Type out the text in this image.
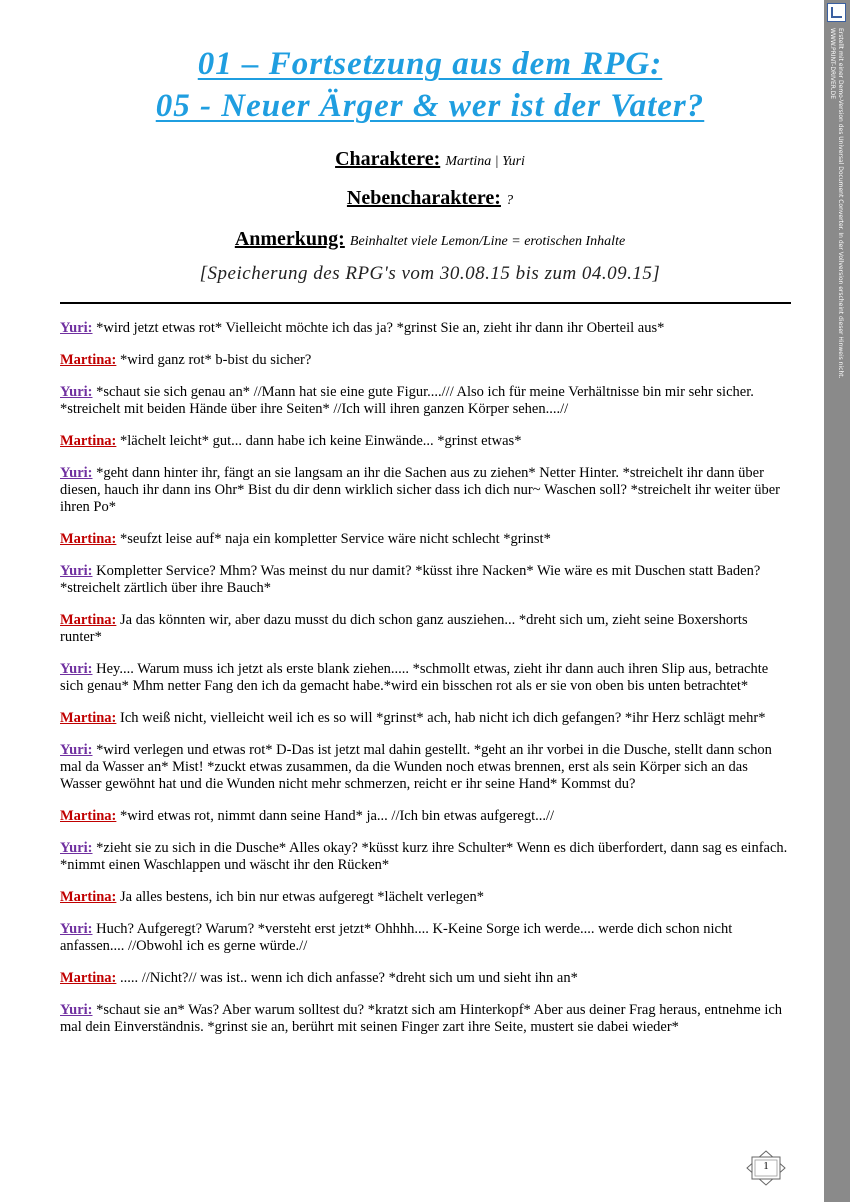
Erstellt mit einer Demo-Version des Universal Document Converter. In der Vollversion erscheint dieser Hinweis nicht.
WWW.PRINT-DRIVER.DE
01 – Fortsetzung aus dem RPG:
05 - Neuer Ärger & wer ist der Vater?
Charaktere: Martina | Yuri
Nebencharaktere: ?
Anmerkung: Beinhaltet viele Lemon/Line = erotischen Inhalte
[Speicherung des RPG's vom 30.08.15 bis zum 04.09.15]

Yuri: *wird jetzt etwas rot* Vielleicht möchte ich das ja? *grinst Sie an, zieht ihr dann ihr Oberteil aus*

Martina: *wird ganz rot* b-bist du sicher?

Yuri: *schaut sie sich genau an* //Mann hat sie eine gute Figur..../// Also ich für meine Verhältnisse bin mir sehr sicher. *streichelt mit beiden Hände über ihre Seiten* //Ich will ihren ganzen Körper sehen....//

Martina: *lächelt leicht* gut... dann habe ich keine Einwände... *grinst etwas*

Yuri: *geht dann hinter ihr, fängt an sie langsam an ihr die Sachen aus zu ziehen* Netter Hinter. *streichelt ihr dann über diesen, hauch ihr dann ins Ohr* Bist du dir denn wirklich sicher dass ich dich nur~ Waschen soll? *streichelt ihr weiter über ihren Po*

Martina: *seufzt leise auf* naja ein kompletter Service wäre nicht schlecht *grinst*

Yuri: Kompletter Service? Mhm? Was meinst du nur damit? *küsst ihre Nacken* Wie wäre es mit Duschen statt Baden? *streichelt zärtlich über ihre Bauch*

Martina: Ja das könnten wir, aber dazu musst du dich schon ganz ausziehen... *dreht sich um, zieht seine Boxershorts runter*

Yuri: Hey.... Warum muss ich jetzt als erste blank ziehen..... *schmollt etwas, zieht ihr dann auch ihren Slip aus, betrachte sich genau* Mhm netter Fang den ich da gemacht habe.*wird ein bisschen rot als er sie von oben bis unten betrachtet*

Martina: Ich weiß nicht, vielleicht weil ich es so will *grinst* ach, hab nicht ich dich gefangen? *ihr Herz schlägt mehr*

Yuri: *wird verlegen und etwas rot* D-Das ist jetzt mal dahin gestellt. *geht an ihr vorbei in die Dusche, stellt dann schon mal da Wasser an* Mist! *zuckt etwas zusammen, da die Wunden noch etwas brennen, erst als sein Körper sich an das Wasser gewöhnt hat und die Wunden nicht mehr schmerzen, reicht er ihr seine Hand* Kommst du?

Martina: *wird etwas rot, nimmt dann seine Hand* ja... //Ich bin etwas aufgeregt...//

Yuri: *zieht sie zu sich in die Dusche* Alles okay? *küsst kurz ihre Schulter* Wenn es dich überfordert, dann sag es einfach. *nimmt einen Waschlappen und wäscht ihr den Rücken*

Martina: Ja alles bestens, ich bin nur etwas aufgeregt *lächelt verlegen*

Yuri: Huch? Aufgeregt? Warum? *versteht erst jetzt* Ohhhh.... K-Keine Sorge ich werde.... werde dich schon nicht anfassen.... //Obwohl ich es gerne würde.//

Martina: ..... //Nicht?// was ist.. wenn ich dich anfasse? *dreht sich um und sieht ihn an*

Yuri: *schaut sie an* Was? Aber warum solltest du? *kratzt sich am Hinterkopf* Aber aus deiner Frag heraus, entnehme ich mal dein Einverständnis. *grinst sie an, berührt mit seinen Finger zart ihre Seite, mustert sie dabei wieder*

1
